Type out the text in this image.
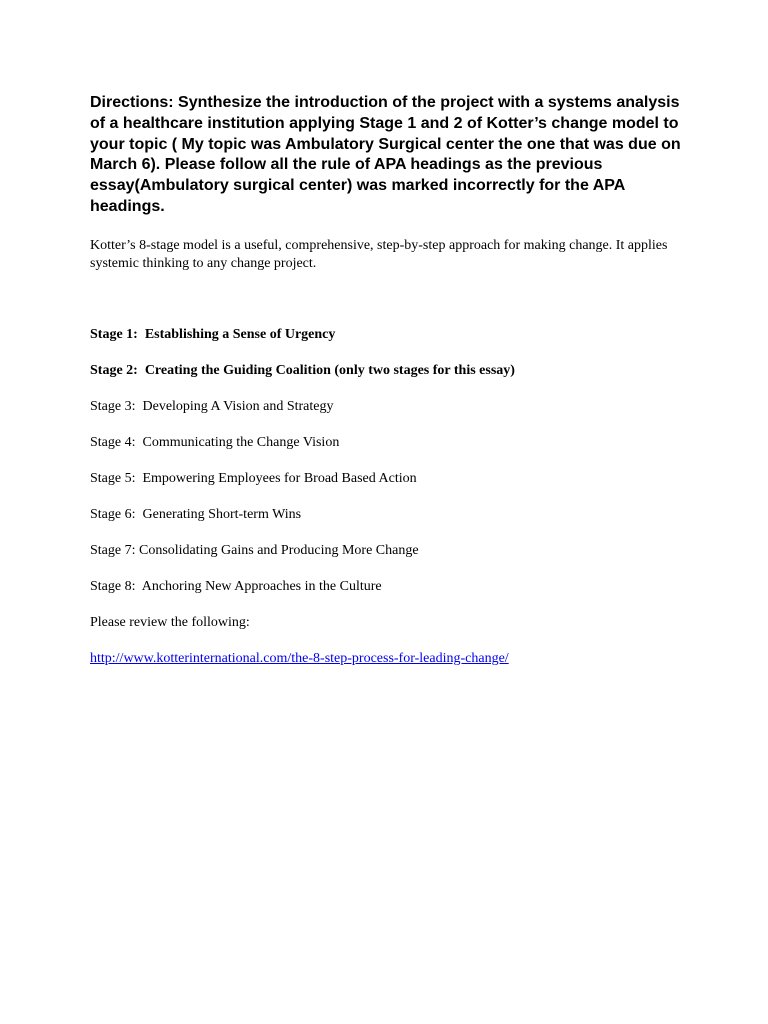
Directions: Synthesize the introduction of the project with a systems analysis of a healthcare institution applying Stage 1 and 2 of Kotter’s change model to your topic ( My topic was Ambulatory Surgical center the one that was due on March 6). Please follow all the rule of APA headings as the previous essay(Ambulatory surgical center) was marked incorrectly for the APA headings.

Kotter’s 8-stage model is a useful, comprehensive, step-by-step approach for making change. It applies systemic thinking to any change project.

Stage 1:  Establishing a Sense of Urgency

Stage 2:  Creating the Guiding Coalition (only two stages for this essay)

Stage 3:  Developing A Vision and Strategy

Stage 4:  Communicating the Change Vision

Stage 5:  Empowering Employees for Broad Based Action

Stage 6:  Generating Short-term Wins

Stage 7: Consolidating Gains and Producing More Change

Stage 8:  Anchoring New Approaches in the Culture

Please review the following:

http://www.kotterinternational.com/the-8-step-process-for-leading-change/
